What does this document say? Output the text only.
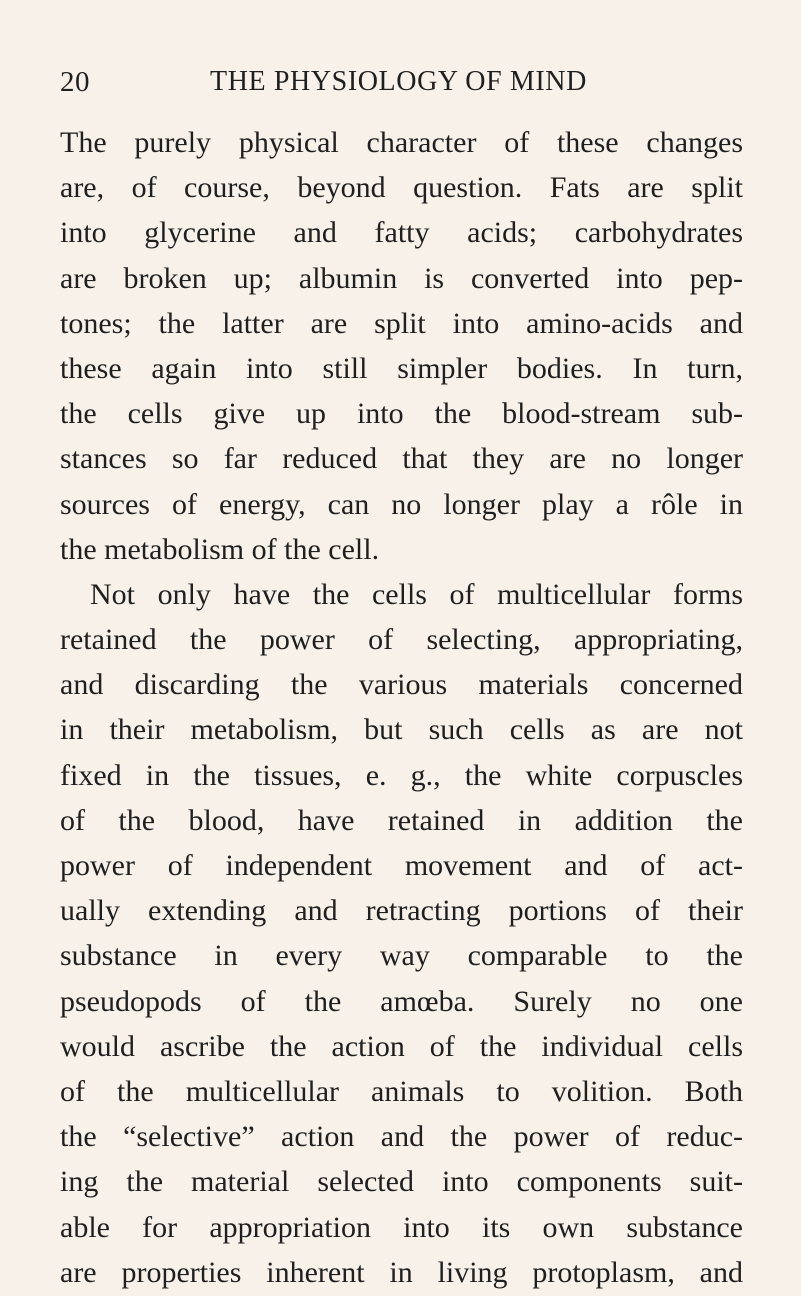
20	THE PHYSIOLOGY OF MIND
The purely physical character of these changes
are, of course, beyond question. Fats are split
into glycerine and fatty acids; carbohydrates
are broken up; albumin is converted into pep-
tones; the latter are split into amino-acids and
these again into still simpler bodies. In turn,
the cells give up into the blood-stream sub-
stances so far reduced that they are no longer
sources of energy, can no longer play a rôle in
the metabolism of the cell.
Not only have the cells of multicellular forms
retained the power of selecting, appropriating,
and discarding the various materials concerned
in their metabolism, but such cells as are not
fixed in the tissues, e. g., the white corpuscles
of the blood, have retained in addition the
power of independent movement and of act-
ually extending and retracting portions of their
substance in every way comparable to the
pseudopods of the amœba. Surely no one
would ascribe the action of the individual cells
of the multicellular animals to volition. Both
the “selective” action and the power of reduc-
ing the material selected into components suit-
able for appropriation into its own substance
are properties inherent in living protoplasm, and
